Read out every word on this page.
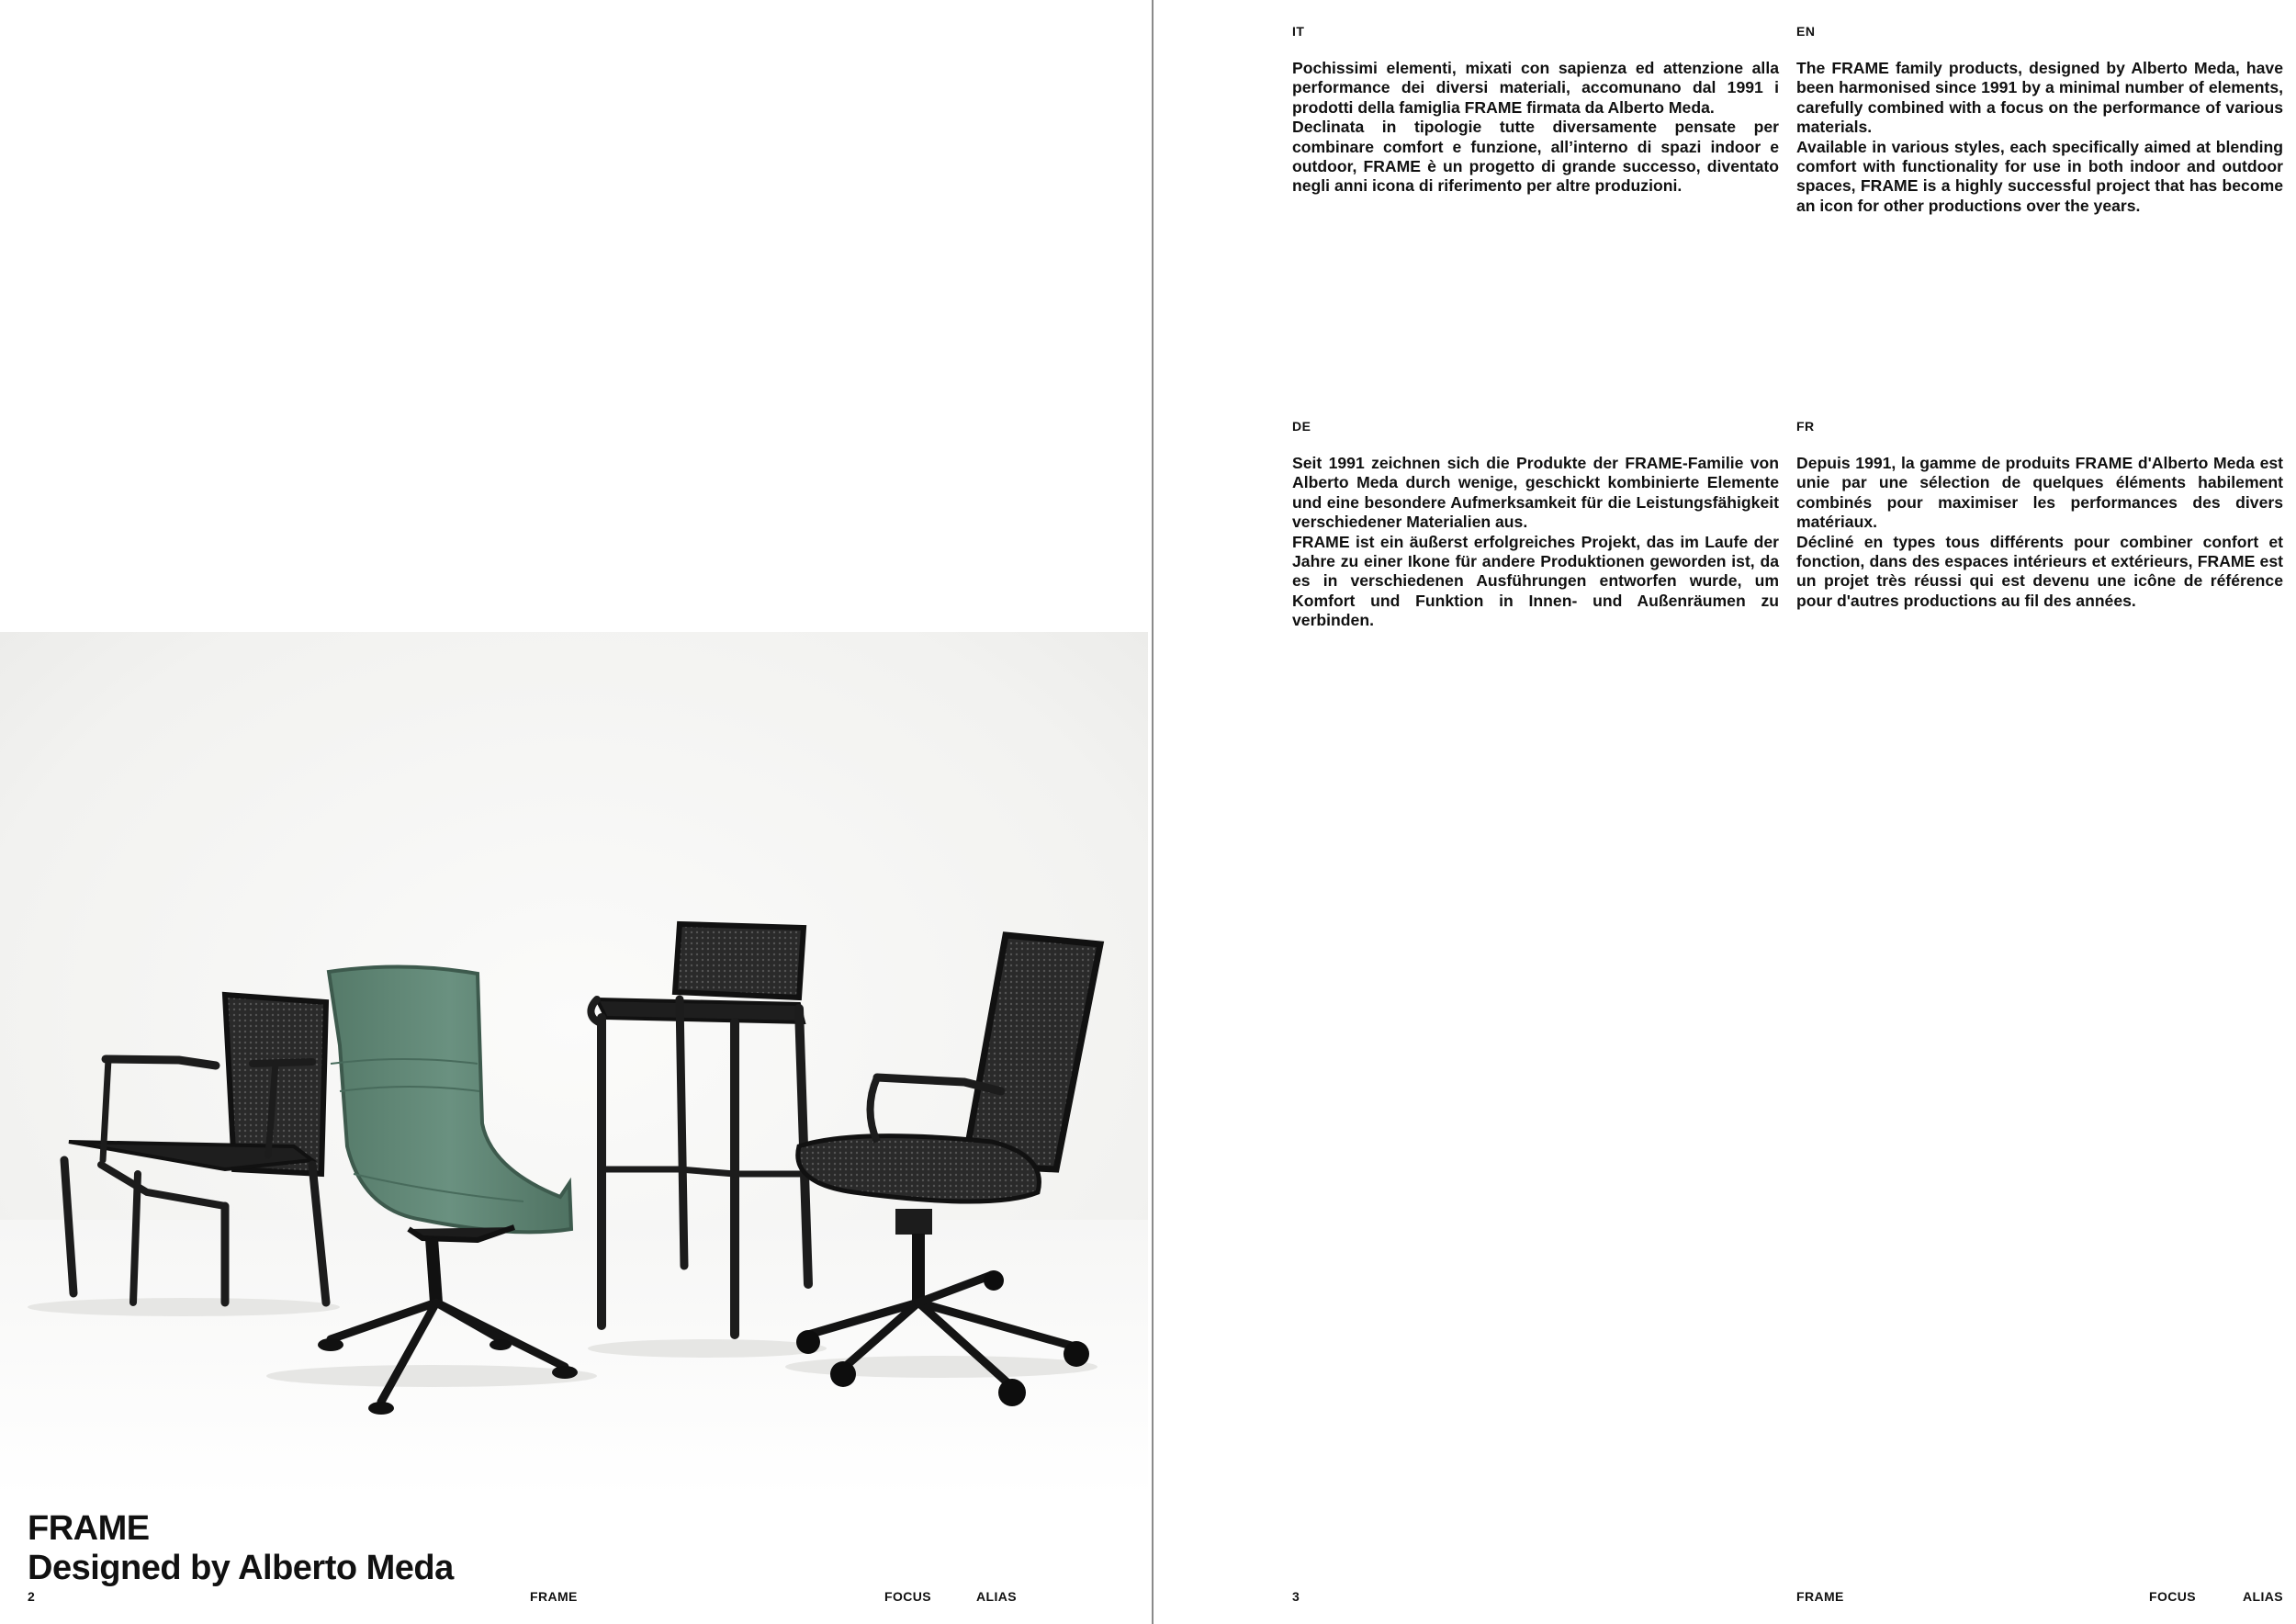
FRAME
Designed by Alberto Meda
2	FRAME	FOCUS	ALIAS
IT

Pochissimi elementi, mixati con sapienza ed attenzione alla performance dei diversi materiali, accomunano dal 1991 i prodotti della famiglia FRAME firmata da Alberto Meda.

Declinata in tipologie tutte diversamente pensate per combinare comfort e funzione, all’interno di spazi indoor e outdoor, FRAME è un progetto di grande successo, diventato negli anni icona di riferimento per altre produzioni.

EN

The FRAME family products, designed by Alberto Meda, have been harmonised since 1991 by a minimal number of elements, carefully combined with a focus on the performance of various materials.

Available in various styles, each specifically aimed at blending comfort with functionality for use in both indoor and outdoor spaces, FRAME is a highly successful project that has become an icon for other productions over the years.

DE

Seit 1991 zeichnen sich die Produkte der FRAME-Familie von Alberto Meda durch wenige, geschickt kombinierte Elemente und eine besondere Aufmerksamkeit für die Leistungsfähigkeit verschiedener Materialien aus.

FRAME ist ein äußerst erfolgreiches Projekt, das im Laufe der Jahre zu einer Ikone für andere Produktionen geworden ist, da es in verschiedenen Ausführungen entworfen wurde, um Komfort und Funktion in Innen- und Außenräumen zu verbinden.

FR

Depuis 1991, la gamme de produits FRAME d'Alberto Meda est unie par une sélection de quelques éléments habilement combinés pour maximiser les performances des divers matériaux.

Décliné en types tous différents pour combiner confort et fonction, dans des espaces intérieurs et extérieurs, FRAME est un projet très réussi qui est devenu une icône de référence pour d'autres productions au fil des années.

3	FRAME	FOCUS	ALIAS
